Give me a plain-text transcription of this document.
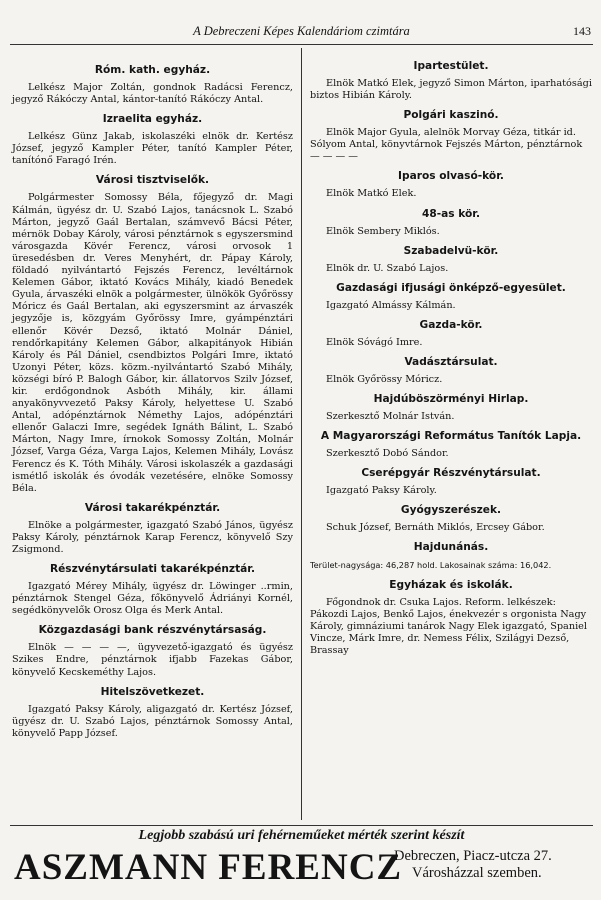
A Debreczeni Képes Kalendáriom czimtára	143
Róm. kath. egyház.

Lelkész Major Zoltán, gondnok Radácsi Ferencz, jegyző Rákóczy Antal, kántor-tanító Rákóczy Antal.

Izraelita egyház.

Lelkész Günz Jakab, iskolaszéki elnök dr. Kertész József, jegyző Kampler Péter, tanító Kampler Péter, tanítónő Faragó Irén.

Városi tisztviselők.

Polgármester Somossy Béla, főjegyző dr. Magi Kálmán, ügyész dr. U. Szabó Lajos, tanácsnok L. Szabó Márton, jegyző Gaál Bertalan, számvevő Bácsi Péter, mérnök Dobay Károly, városi pénztárnok s egyszersmind városgazda Kövér Ferencz, városi orvosok 1 üresedésben dr. Veres Menyhért, dr. Pápay Károly, földadó nyilvántartó Fejszés Ferencz, levéltárnok Kelemen Gábor, iktató Kovács Mihály, kiadó Benedek Gyula, árvaszéki elnök a polgármester, ülnökök Győrössy Móricz és Gaál Bertalan, aki egyszersmint az árvaszék jegyzője is, közgyám Győrössy Imre, gyámpénztári ellenőr Kövér Dezső, iktató Molnár Dániel, rendőrkapitány Kelemen Gábor, alkapitányok Hibián Károly és Pál Dániel, csendbiztos Polgári Imre, iktató Uzonyi Péter, közs. közm.-nyilvántartó Szabó Mihály, községi bíró P. Balogh Gábor, kir. állatorvos Szilv József, kir. erdőgondnok Asbóth Mihály, kir. állami anyakönyvvezető Paksy Károly, helyettese U. Szabó Antal, adópénztárnok Némethy Lajos, adópénztári ellenőr Galaczi Imre, segédek Ignáth Bálint, L. Szabó Márton, Nagy Imre, írnokok Somossy Zoltán, Molnár József, Varga Géza, Varga Lajos, Kelemen Mihály, Lovász Ferencz és K. Tóth Mihály. Városi iskolaszék a gazdasági ismétlő iskolák és óvodák vezetésére, elnöke Somossy Béla.

Városi takarékpénztár.

Elnöke a polgármester, igazgató Szabó János, ügyész Paksy Károly, pénztárnok Karap Ferencz, könyvelő Szy Zsigmond.

Részvénytársulati takarékpénztár.

Igazgató Mérey Mihály, ügyész dr. Löwinger ..rmin, pénztárnok Stengel Géza, főkönyvelő Ádriányi Kornél, segédkönyvelők Orosz Olga és Merk Antal.

Közgazdasági bank részvénytársaság.

Elnök — — — —, ügyvezető-igazgató és ügyész Szikes Endre, pénztárnok ifjabb Fazekas Gábor, könyvelő Kecskeméthy Lajos.

Hitelszövetkezet.

Igazgató Paksy Károly, aligazgató dr. Kertész József, ügyész dr. U. Szabó Lajos, pénztárnok Somossy Antal, könyvelő Papp József.

Ipartestület.

Elnök Matkó Elek, jegyző Simon Márton, iparhatósági biztos Hibián Károly.

Polgári kaszinó.

Elnök Major Gyula, alelnök Morvay Géza, titkár id. Sólyom Antal, könyvtárnok Fejszés Márton, pénztárnok — — — —

Iparos olvasó-kör.

Elnök Matkó Elek.

48-as kör.

Elnök Sembery Miklós.

Szabadelvü-kör.

Elnök dr. U. Szabó Lajos.

Gazdasági ifjusági önképző-egyesület.

Igazgató Almássy Kálmán.

Gazda-kör.

Elnök Sóvágó Imre.

Vadásztársulat.

Elnök Győrössy Móricz.

Hajdúböszörményi Hirlap.

Szerkesztő Molnár István.

A Magyarországi Református Tanítók Lapja.

Szerkesztő Dobó Sándor.

Cserépgyár Részvénytársulat.

Igazgató Paksy Károly.

Gyógyszerészek.

Schuk József, Bernáth Miklós, Ercsey Gábor.

Hajdunánás.

Terület-nagysága: 46,287 hold. Lakosainak száma: 16,042.

Egyházak és iskolák.

Főgondnok dr. Csuka Lajos. Reform. lelkészek: Pákozdi Lajos, Benkő Lajos, énekvezér s orgonista Nagy Károly, gimnáziumi tanárok Nagy Elek igazgató, Spaniel Vincze, Márk Imre, dr. Nemess Félix, Szilágyi Dezső, Brassay

Legjobb szabású uri fehérneműeket mérték szerint készít
ASZMANN FERENCZ
Debreczen, Piacz-utcza 27.
Városházzal szemben.
